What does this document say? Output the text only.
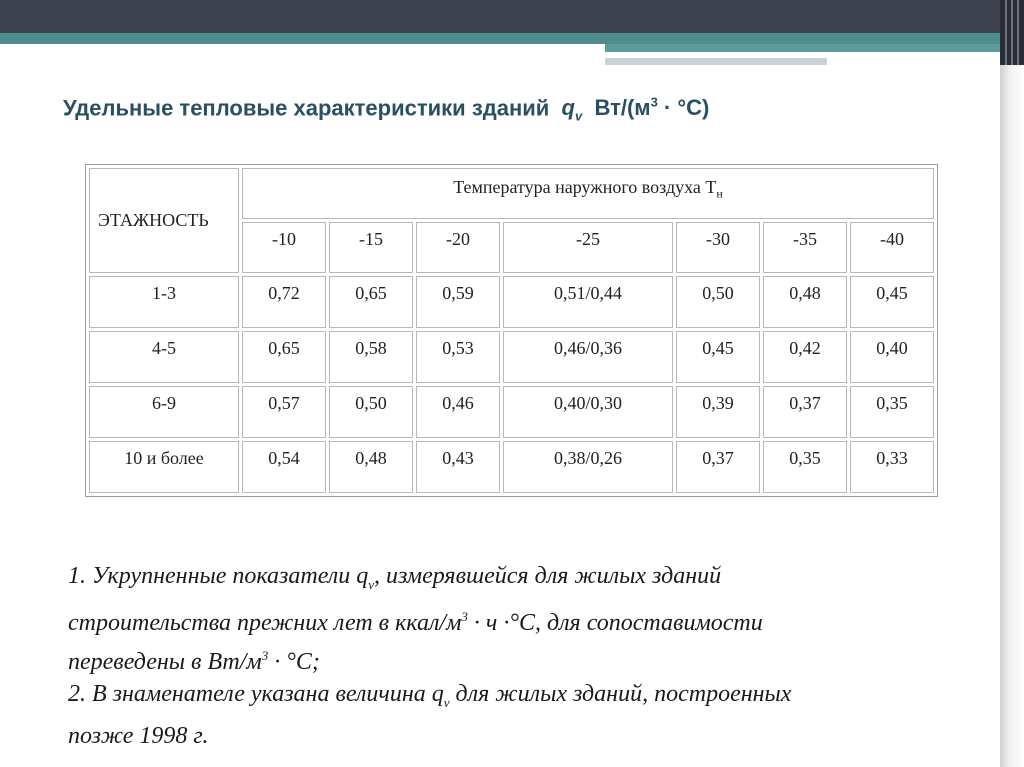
Удельные тепловые характеристики зданий $q_v$ $Вт/(м^3 \cdot ^\circ С)$
ЭТАЖНОСТЬ	Температура наружного воздуха $Т_н$
	-10	-15	-20	-25	-30	-35	-40
1-3	0,72	0,65	0,59	0,51/0,44	0,50	0,48	0,45
4-5	0,65	0,58	0,53	0,46/0,36	0,45	0,42	0,40
6-9	0,57	0,50	0,46	0,40/0,30	0,39	0,37	0,35
10 и более	0,54	0,48	0,43	0,38/0,26	0,37	0,35	0,33
1. Укрупненные показатели $q_v$, измерявшейся для жилых зданий
строительства прежних лет в ккал/$м^3 \cdot ч \cdot^\circ С$, для сопоставимости
переведены в $Вт/м^3 \cdot ^\circ С$;
2. В знаменателе указана величина $q_v$ для жилых зданий, построенных
позже 1998 г.
